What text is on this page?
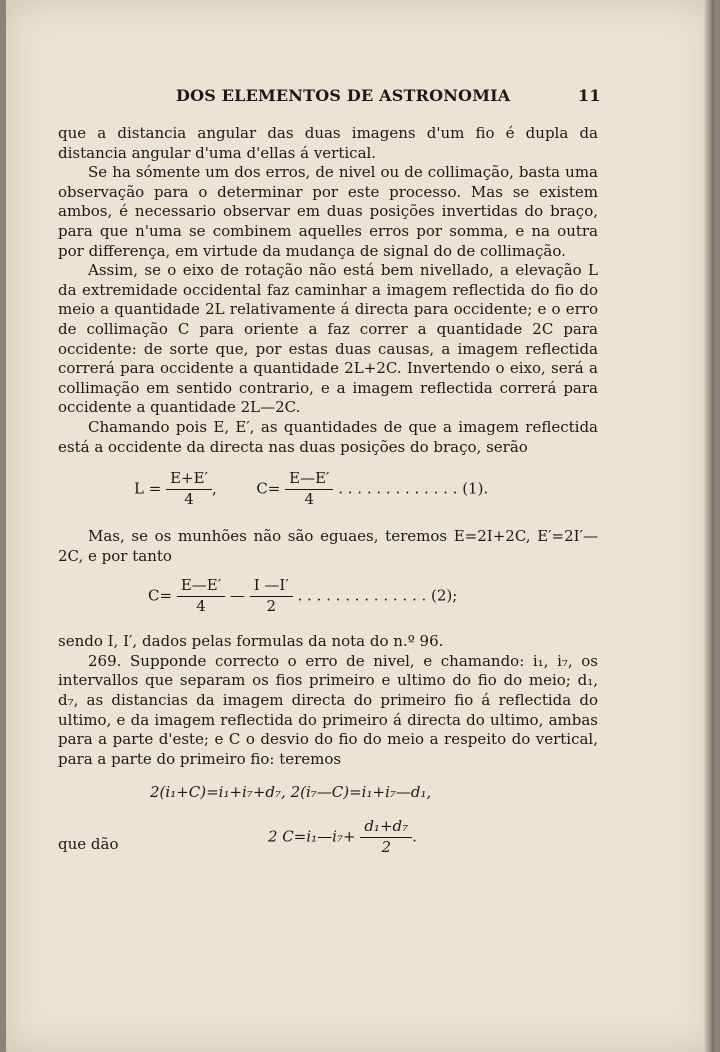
DOS ELEMENTOS DE ASTRONOMIA	11

que a distancia angular das duas imagens d'um fio é dupla da distancia angular d'uma d'ellas á vertical.

Se ha sómente um dos erros, de nivel ou de collimação, basta uma observação para o determinar por este processo. Mas se existem ambos, é necessario observar em duas posições invertidas do braço, para que n'uma se combinem aquelles erros por somma, e na outra por differença, em virtude da mudança de signal do de collimação.

Assim, se o eixo de rotação não está bem nivellado, a elevação L da extremidade occidental faz caminhar a imagem reflectida do fio do meio a quantidade 2L relativamente á directa para occidente; e o erro de collimação C para oriente a faz correr a quantidade 2C para occidente: de sorte que, por estas duas causas, a imagem reflectida correrá para occidente a quantidade 2L+2C. Invertendo o eixo, será a collimação em sentido contrario, e a imagem reflectida correrá para occidente a quantidade 2L—2C.

Chamando pois E, E′, as quantidades de que a imagem reflectida está a occidente da directa nas duas posições do braço, serão

$L = \frac{E+E'}{4}$ ,	$C= \frac{E—E'}{4}$ . . . . . . . . . . . . . (1).

Mas, se os munhões não são eguaes, teremos E=2I+2C, E′=2I′—2C, e por tanto

$C= \frac{E—E'}{4}$ — $\frac{I —I'}{2}$ . . . . . . . . . . . . . . (2);

sendo I, I′, dados pelas formulas da nota do n.º 96.

269. Supponde correcto o erro de nivel, e chamando: i₁, i₇, os intervallos que separam os fios primeiro e ultimo do fio do meio; d₁, d₇, as distancias da imagem directa do primeiro fio á reflectida do ultimo, e da imagem reflectida do primeiro á directa do ultimo, ambas para a parte d'este; e C o desvio do fio do meio a respeito do vertical, para a parte do primeiro fio: teremos

2(i₁+C)=i₁+i₇+d₇, 2(i₇—C)=i₁+i₇—d₁,
que dão	2 C=i₁—i₇+ $\frac{\text{d₁+d₇}}{2}$ .
